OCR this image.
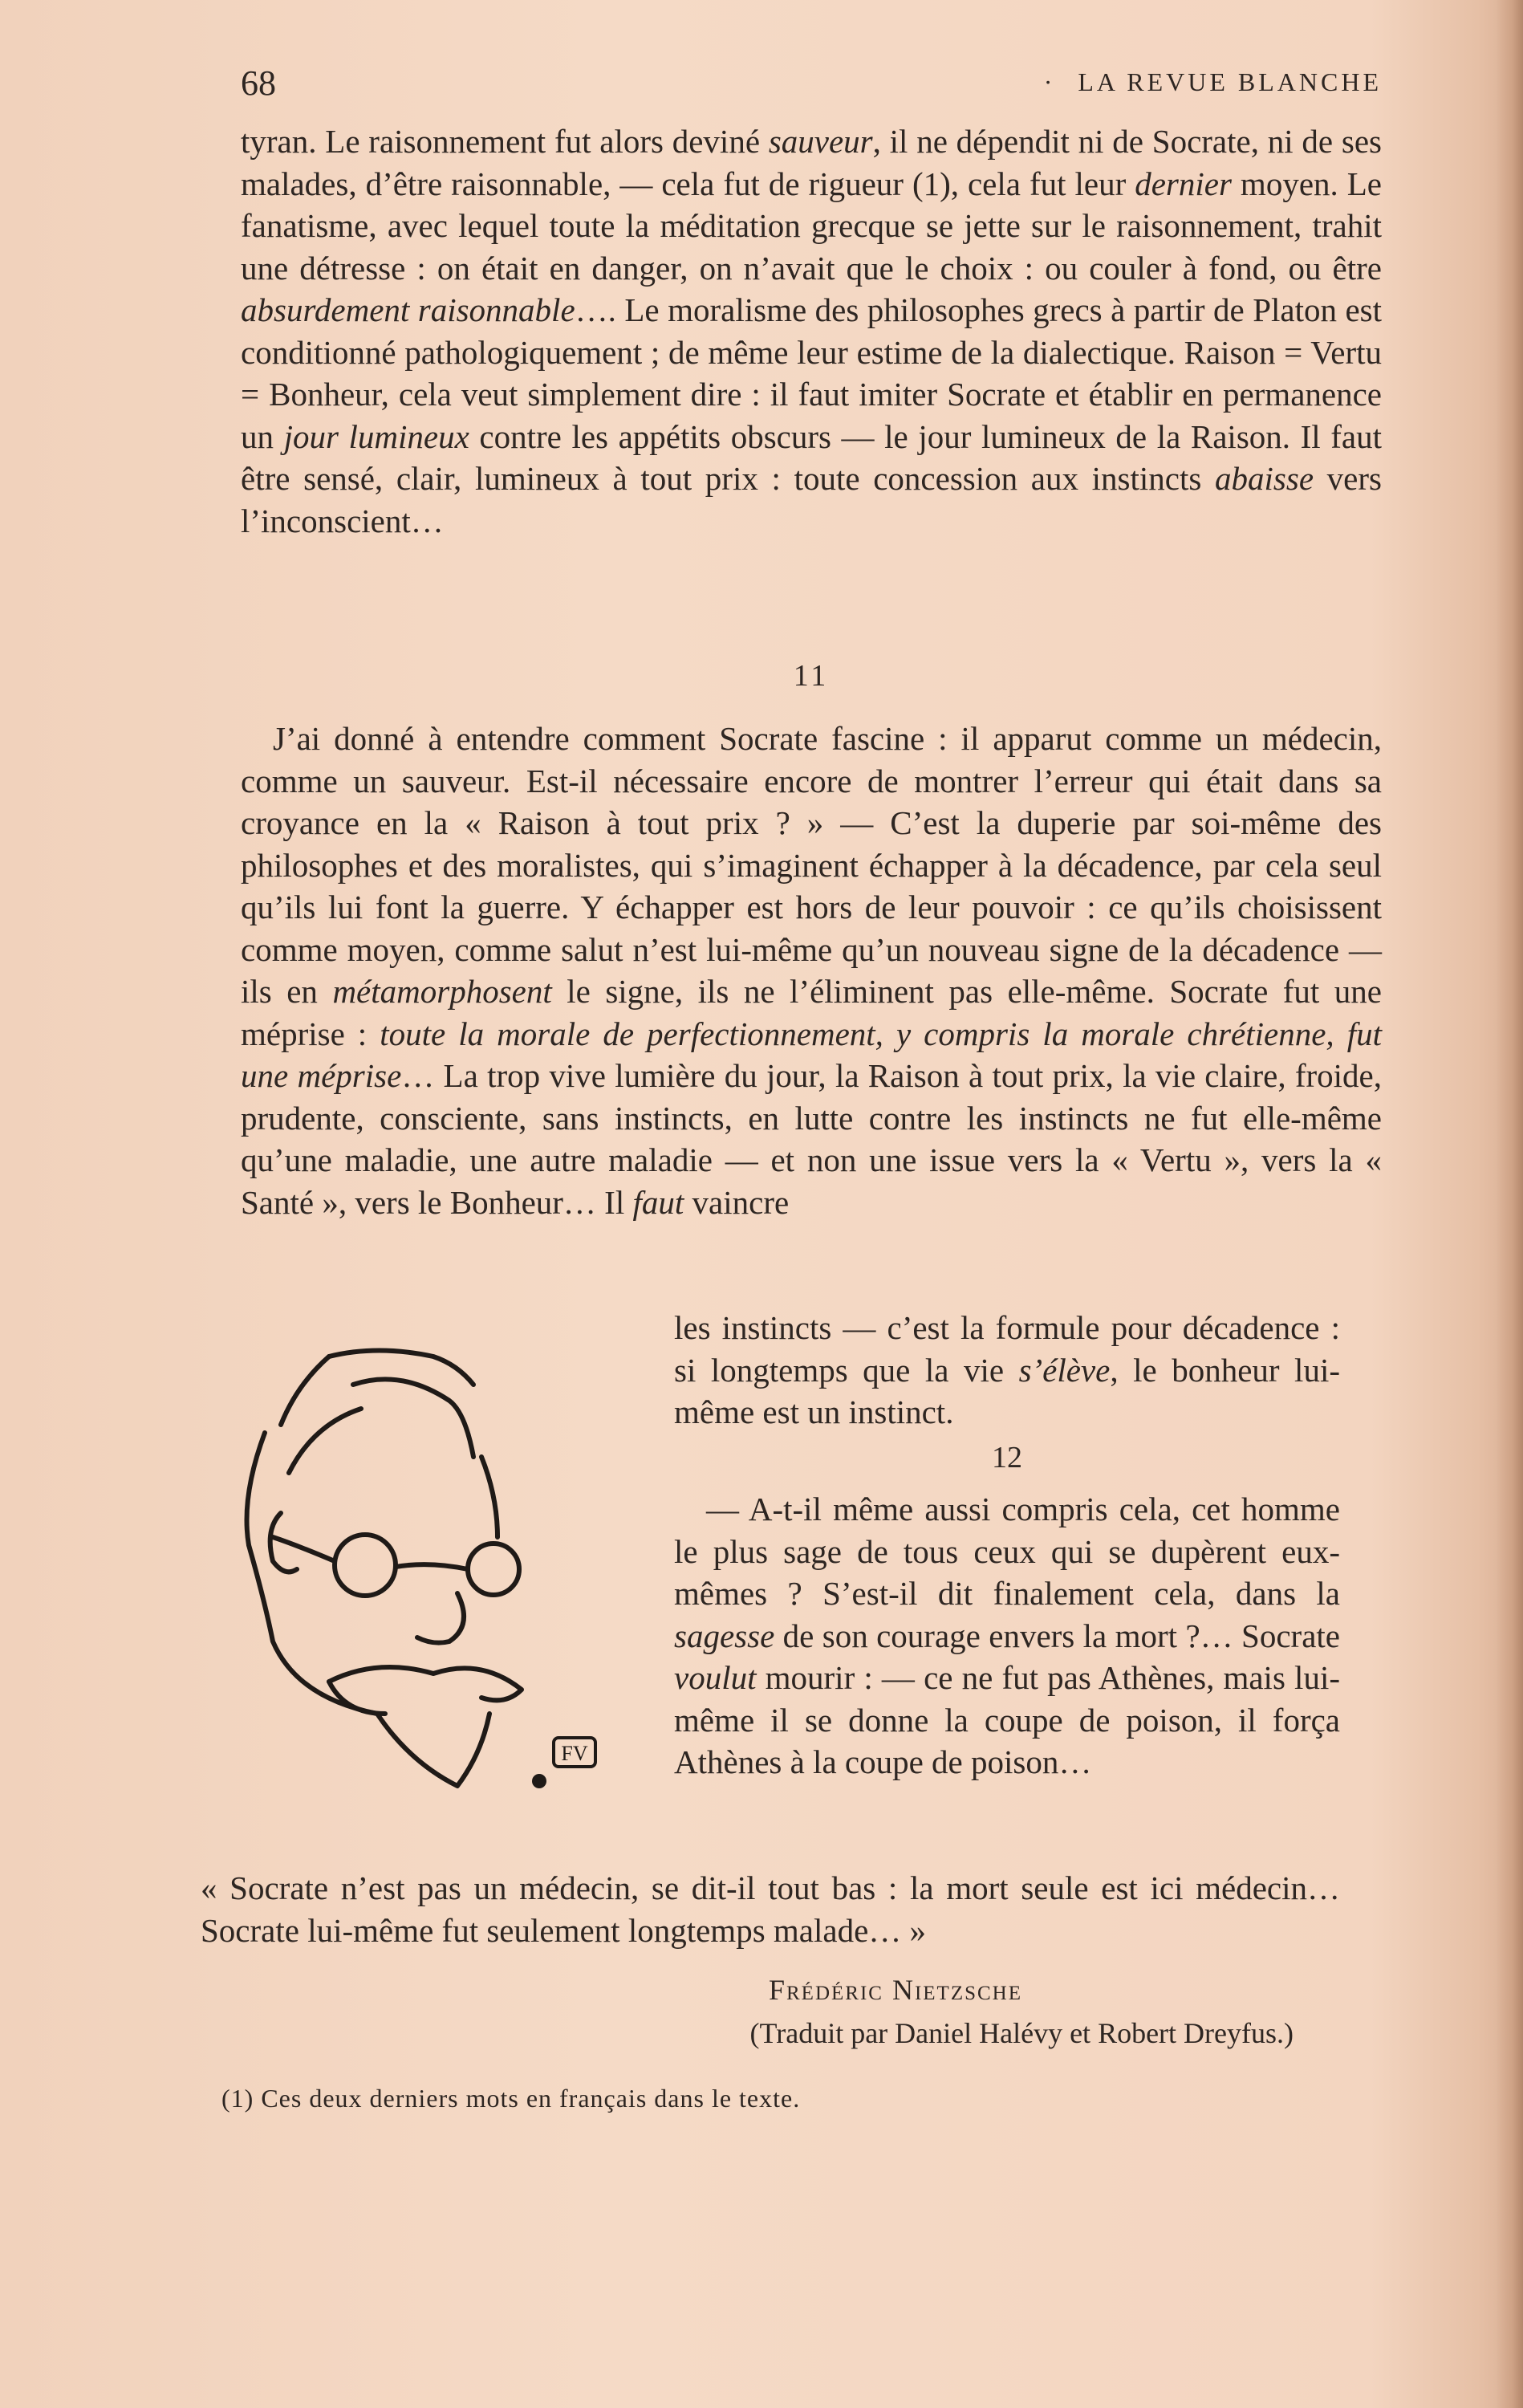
68
·	LA REVUE BLANCHE

tyran. Le raisonnement fut alors deviné sauveur, il ne dépendit ni de Socrate, ni de ses malades, d’être raisonnable, — cela fut de rigueur (1), cela fut leur dernier moyen. Le fanatisme, avec lequel toute la méditation grecque se jette sur le raisonnement, trahit une détresse : on était en danger, on n’avait que le choix : ou couler à fond, ou être absurdement raisonnable…. Le moralisme des philosophes grecs à partir de Platon est conditionné pathologiquement ; de même leur estime de la dialectique. Raison = Vertu = Bonheur, cela veut simplement dire : il faut imiter Socrate et établir en permanence un jour lumineux contre les appétits obscurs — le jour lumineux de la Raison. Il faut être sensé, clair, lumineux à tout prix : toute concession aux instincts abaisse vers l’inconscient…

11

J’ai donné à entendre comment Socrate fascine : il apparut comme un médecin, comme un sauveur. Est-il nécessaire encore de montrer l’erreur qui était dans sa croyance en la « Raison à tout prix ? » — C’est la duperie par soi-même des philosophes et des moralistes, qui s’imaginent échapper à la décadence, par cela seul qu’ils lui font la guerre. Y échapper est hors de leur pouvoir : ce qu’ils choisissent comme moyen, comme salut n’est lui-même qu’un nouveau signe de la décadence — ils en métamorphosent le signe, ils ne l’éliminent pas elle-même. Socrate fut une méprise : toute la morale de perfectionnement, y compris la morale chrétienne, fut une méprise… La trop vive lumière du jour, la Raison à tout prix, la vie claire, froide, prudente, consciente, sans instincts, en lutte contre les instincts ne fut elle-même qu’une maladie, une autre maladie — et non une issue vers la « Vertu », vers la « Santé », vers le Bonheur… Il faut vaincre

les instincts — c’est la formule pour décadence : si longtemps que la vie s’élève, le bonheur lui-même est un instinct.

12

— A-t-il même aussi compris cela, cet homme le plus sage de tous ceux qui se dupèrent eux-mêmes ? S’est-il dit finalement cela, dans la sagesse de son courage envers la mort ?… Socrate voulut mourir : — ce ne fut pas Athènes, mais lui-même il se donne la coupe de poison, il força Athènes à la coupe de poison…

« Socrate n’est pas un médecin, se dit-il tout bas : la mort seule est ici médecin… Socrate lui-même fut seulement longtemps malade… »

Frédéric Nietzsche
(Traduit par Daniel Halévy et Robert Dreyfus.)
(1) Ces deux derniers mots en français dans le texte.
FV
